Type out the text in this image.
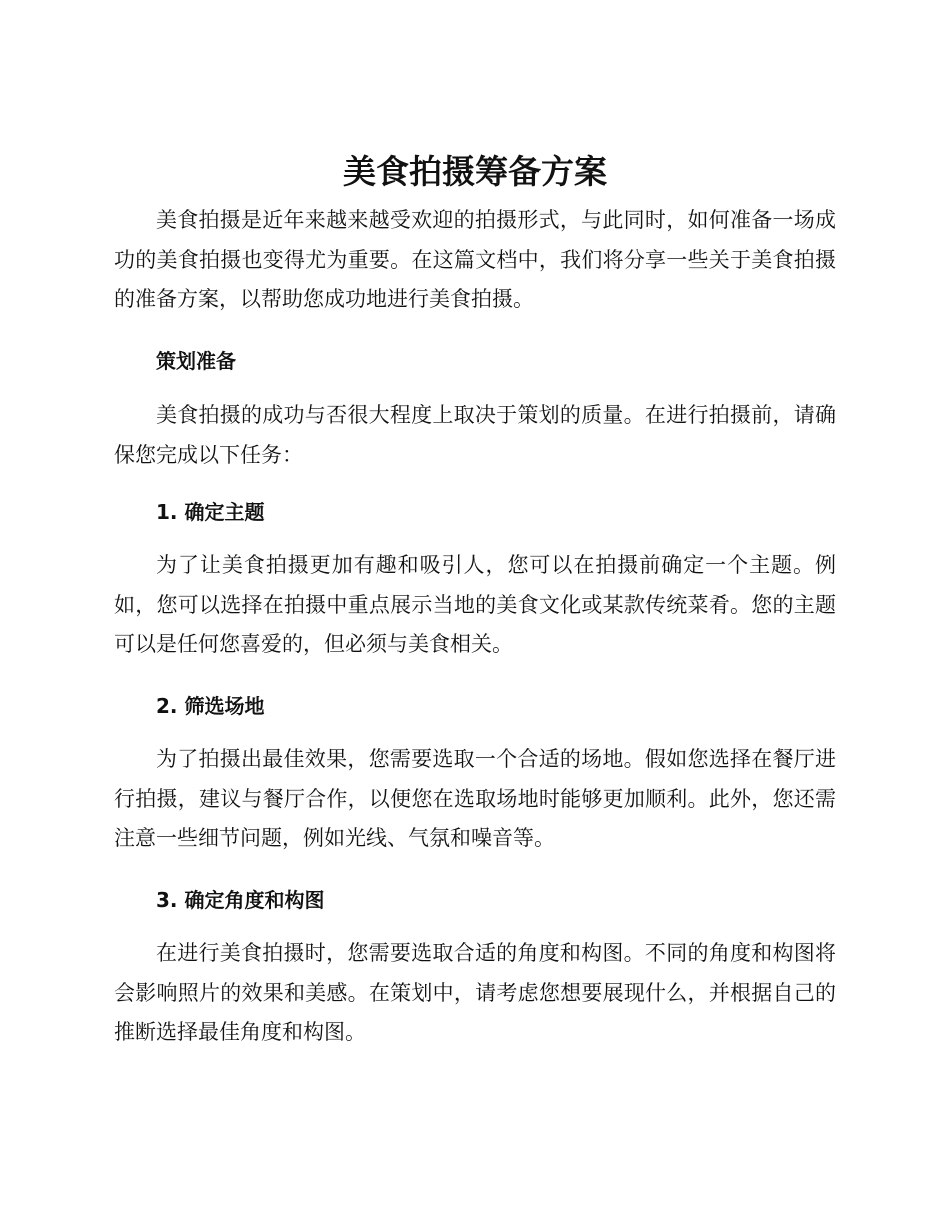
美食拍摄筹备方案

美食拍摄是近年来越来越受欢迎的拍摄形式，与此同时，如何准备一场成功的美食拍摄也变得尤为重要。在这篇文档中，我们将分享一些关于美食拍摄的准备方案，以帮助您成功地进行美食拍摄。

策划准备

美食拍摄的成功与否很大程度上取决于策划的质量。在进行拍摄前，请确保您完成以下任务：

1. 确定主题

为了让美食拍摄更加有趣和吸引人，您可以在拍摄前确定一个主题。例如，您可以选择在拍摄中重点展示当地的美食文化或某款传统菜肴。您的主题可以是任何您喜爱的，但必须与美食相关。

2. 筛选场地

为了拍摄出最佳效果，您需要选取一个合适的场地。假如您选择在餐厅进行拍摄，建议与餐厅合作，以便您在选取场地时能够更加顺利。此外，您还需注意一些细节问题，例如光线、气氛和噪音等。

3. 确定角度和构图

在进行美食拍摄时，您需要选取合适的角度和构图。不同的角度和构图将会影响照片的效果和美感。在策划中，请考虑您想要展现什么，并根据自己的推断选择最佳角度和构图。
